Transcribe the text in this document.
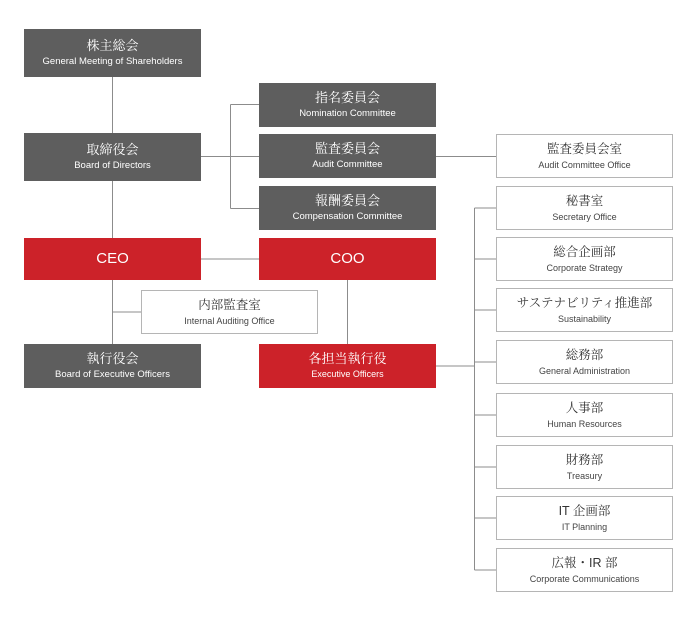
株主総会
General Meeting of Shareholders
取締役会
Board of Directors
指名委員会
Nomination Committee
監査委員会
Audit Committee
報酬委員会
Compensation Committee
監査委員会室
Audit Committee Office
CEO	COO
内部監査室
Internal Auditing Office
執行役会
Board of Executive Officers
各担当執行役
Executive Officers
秘書室
Secretary Office
総合企画部
Corporate Strategy
サステナビリティ推進部
Sustainability
総務部
General Administration
人事部
Human Resources
財務部
Treasury
IT 企画部
IT Planning
広報・IR 部
Corporate Communications
